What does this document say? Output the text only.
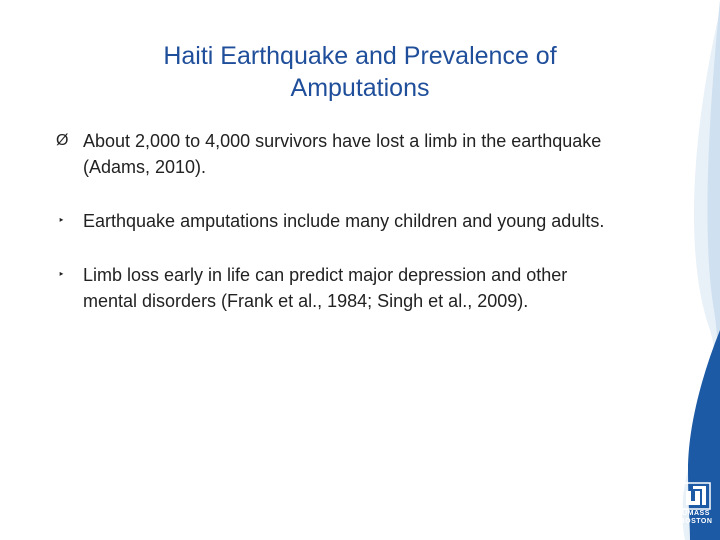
Haiti Earthquake and Prevalence of
Amputations
Ø About 2,000 to 4,000 survivors have lost a limb in the earthquake (Adams, 2010).
‣	Earthquake amputations include many children and young adults.
‣	Limb loss early in life can predict major depression and other mental disorders (Frank et al., 1984; Singh et al., 2009).
UMASS
BOSTON
